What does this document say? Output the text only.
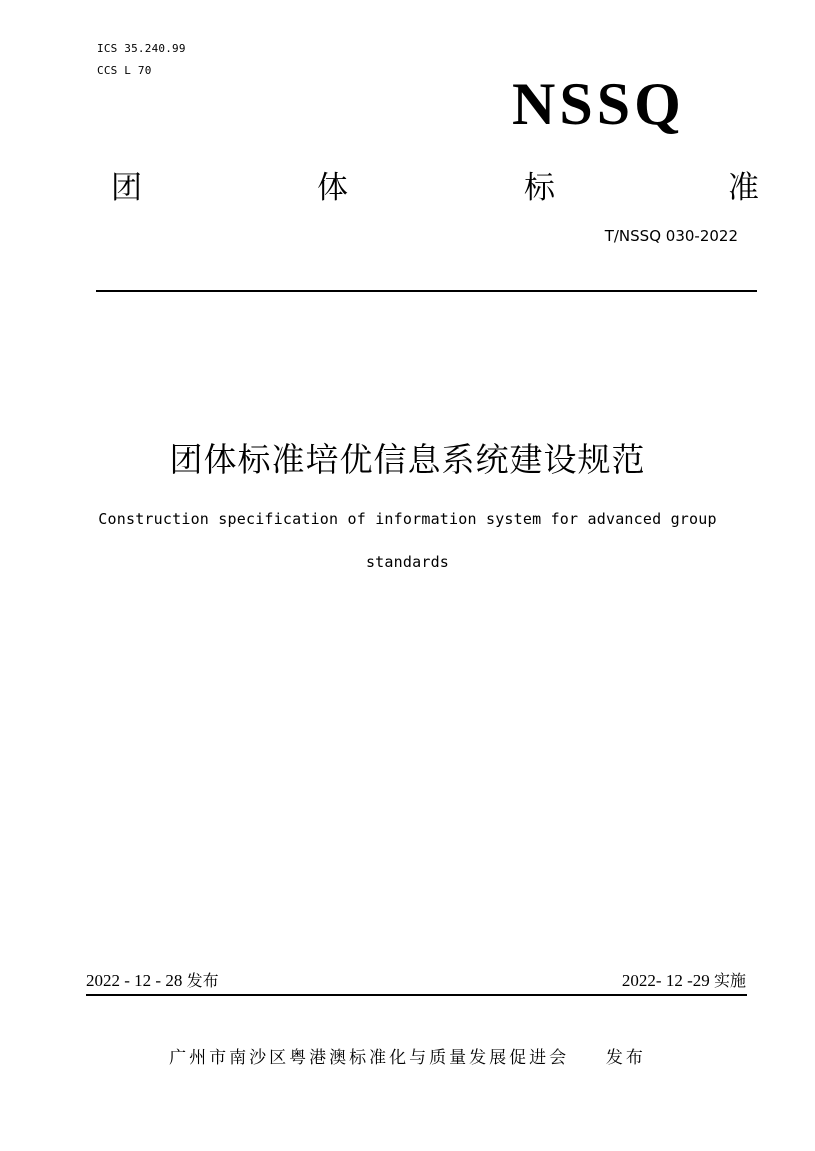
ICS 35.240.99
CCS L 70
NSSQ
团	体	标	准
T/NSSQ 030-2022
团体标准培优信息系统建设规范
Construction specification of information system for advanced group
standards
2022 - 12 - 28 发布	2022- 12 -29 实施
广州市南沙区粤港澳标准化与质量发展促进会 发布
